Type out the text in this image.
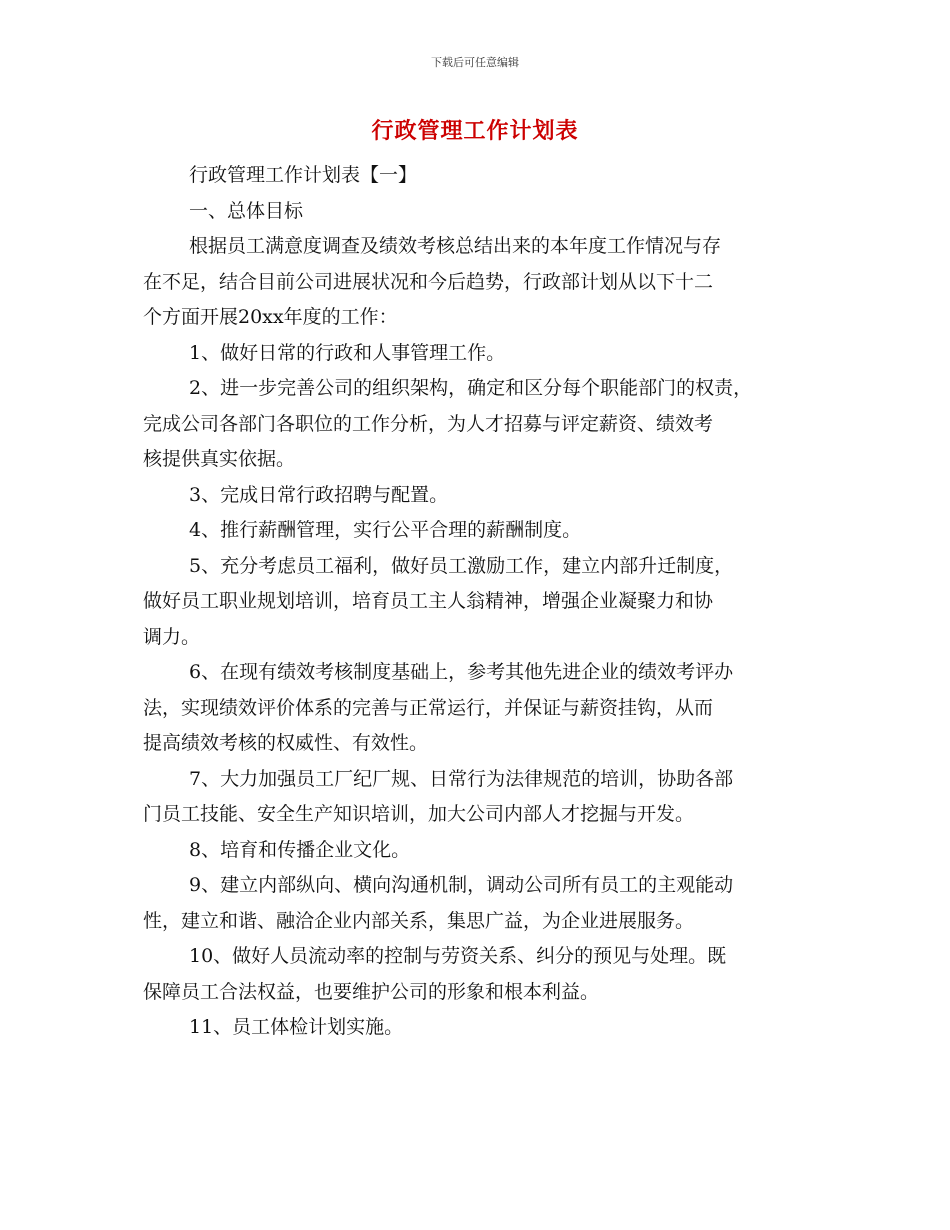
下载后可任意编辑
行政管理工作计划表
行政管理工作计划表【一】
一、总体目标
根据员工满意度调查及绩效考核总结出来的本年度工作情况与存
在不足，结合目前公司进展状况和今后趋势，行政部计划从以下十二
个方面开展20xx年度的工作：
1、做好日常的行政和人事管理工作。
2、进一步完善公司的组织架构，确定和区分每个职能部门的权责，
完成公司各部门各职位的工作分析，为人才招募与评定薪资、绩效考
核提供真实依据。
3、完成日常行政招聘与配置。
4、推行薪酬管理，实行公平合理的薪酬制度。
5、充分考虑员工福利，做好员工激励工作，建立内部升迁制度，
做好员工职业规划培训，培育员工主人翁精神，增强企业凝聚力和协
调力。
6、在现有绩效考核制度基础上，参考其他先进企业的绩效考评办
法，实现绩效评价体系的完善与正常运行，并保证与薪资挂钩，从而
提高绩效考核的权威性、有效性。
7、大力加强员工厂纪厂规、日常行为法律规范的培训，协助各部
门员工技能、安全生产知识培训，加大公司内部人才挖掘与开发。
8、培育和传播企业文化。
9、建立内部纵向、横向沟通机制，调动公司所有员工的主观能动
性，建立和谐、融洽企业内部关系，集思广益，为企业进展服务。
10、做好人员流动率的控制与劳资关系、纠分的预见与处理。既
保障员工合法权益，也要维护公司的形象和根本利益。
11、员工体检计划实施。
